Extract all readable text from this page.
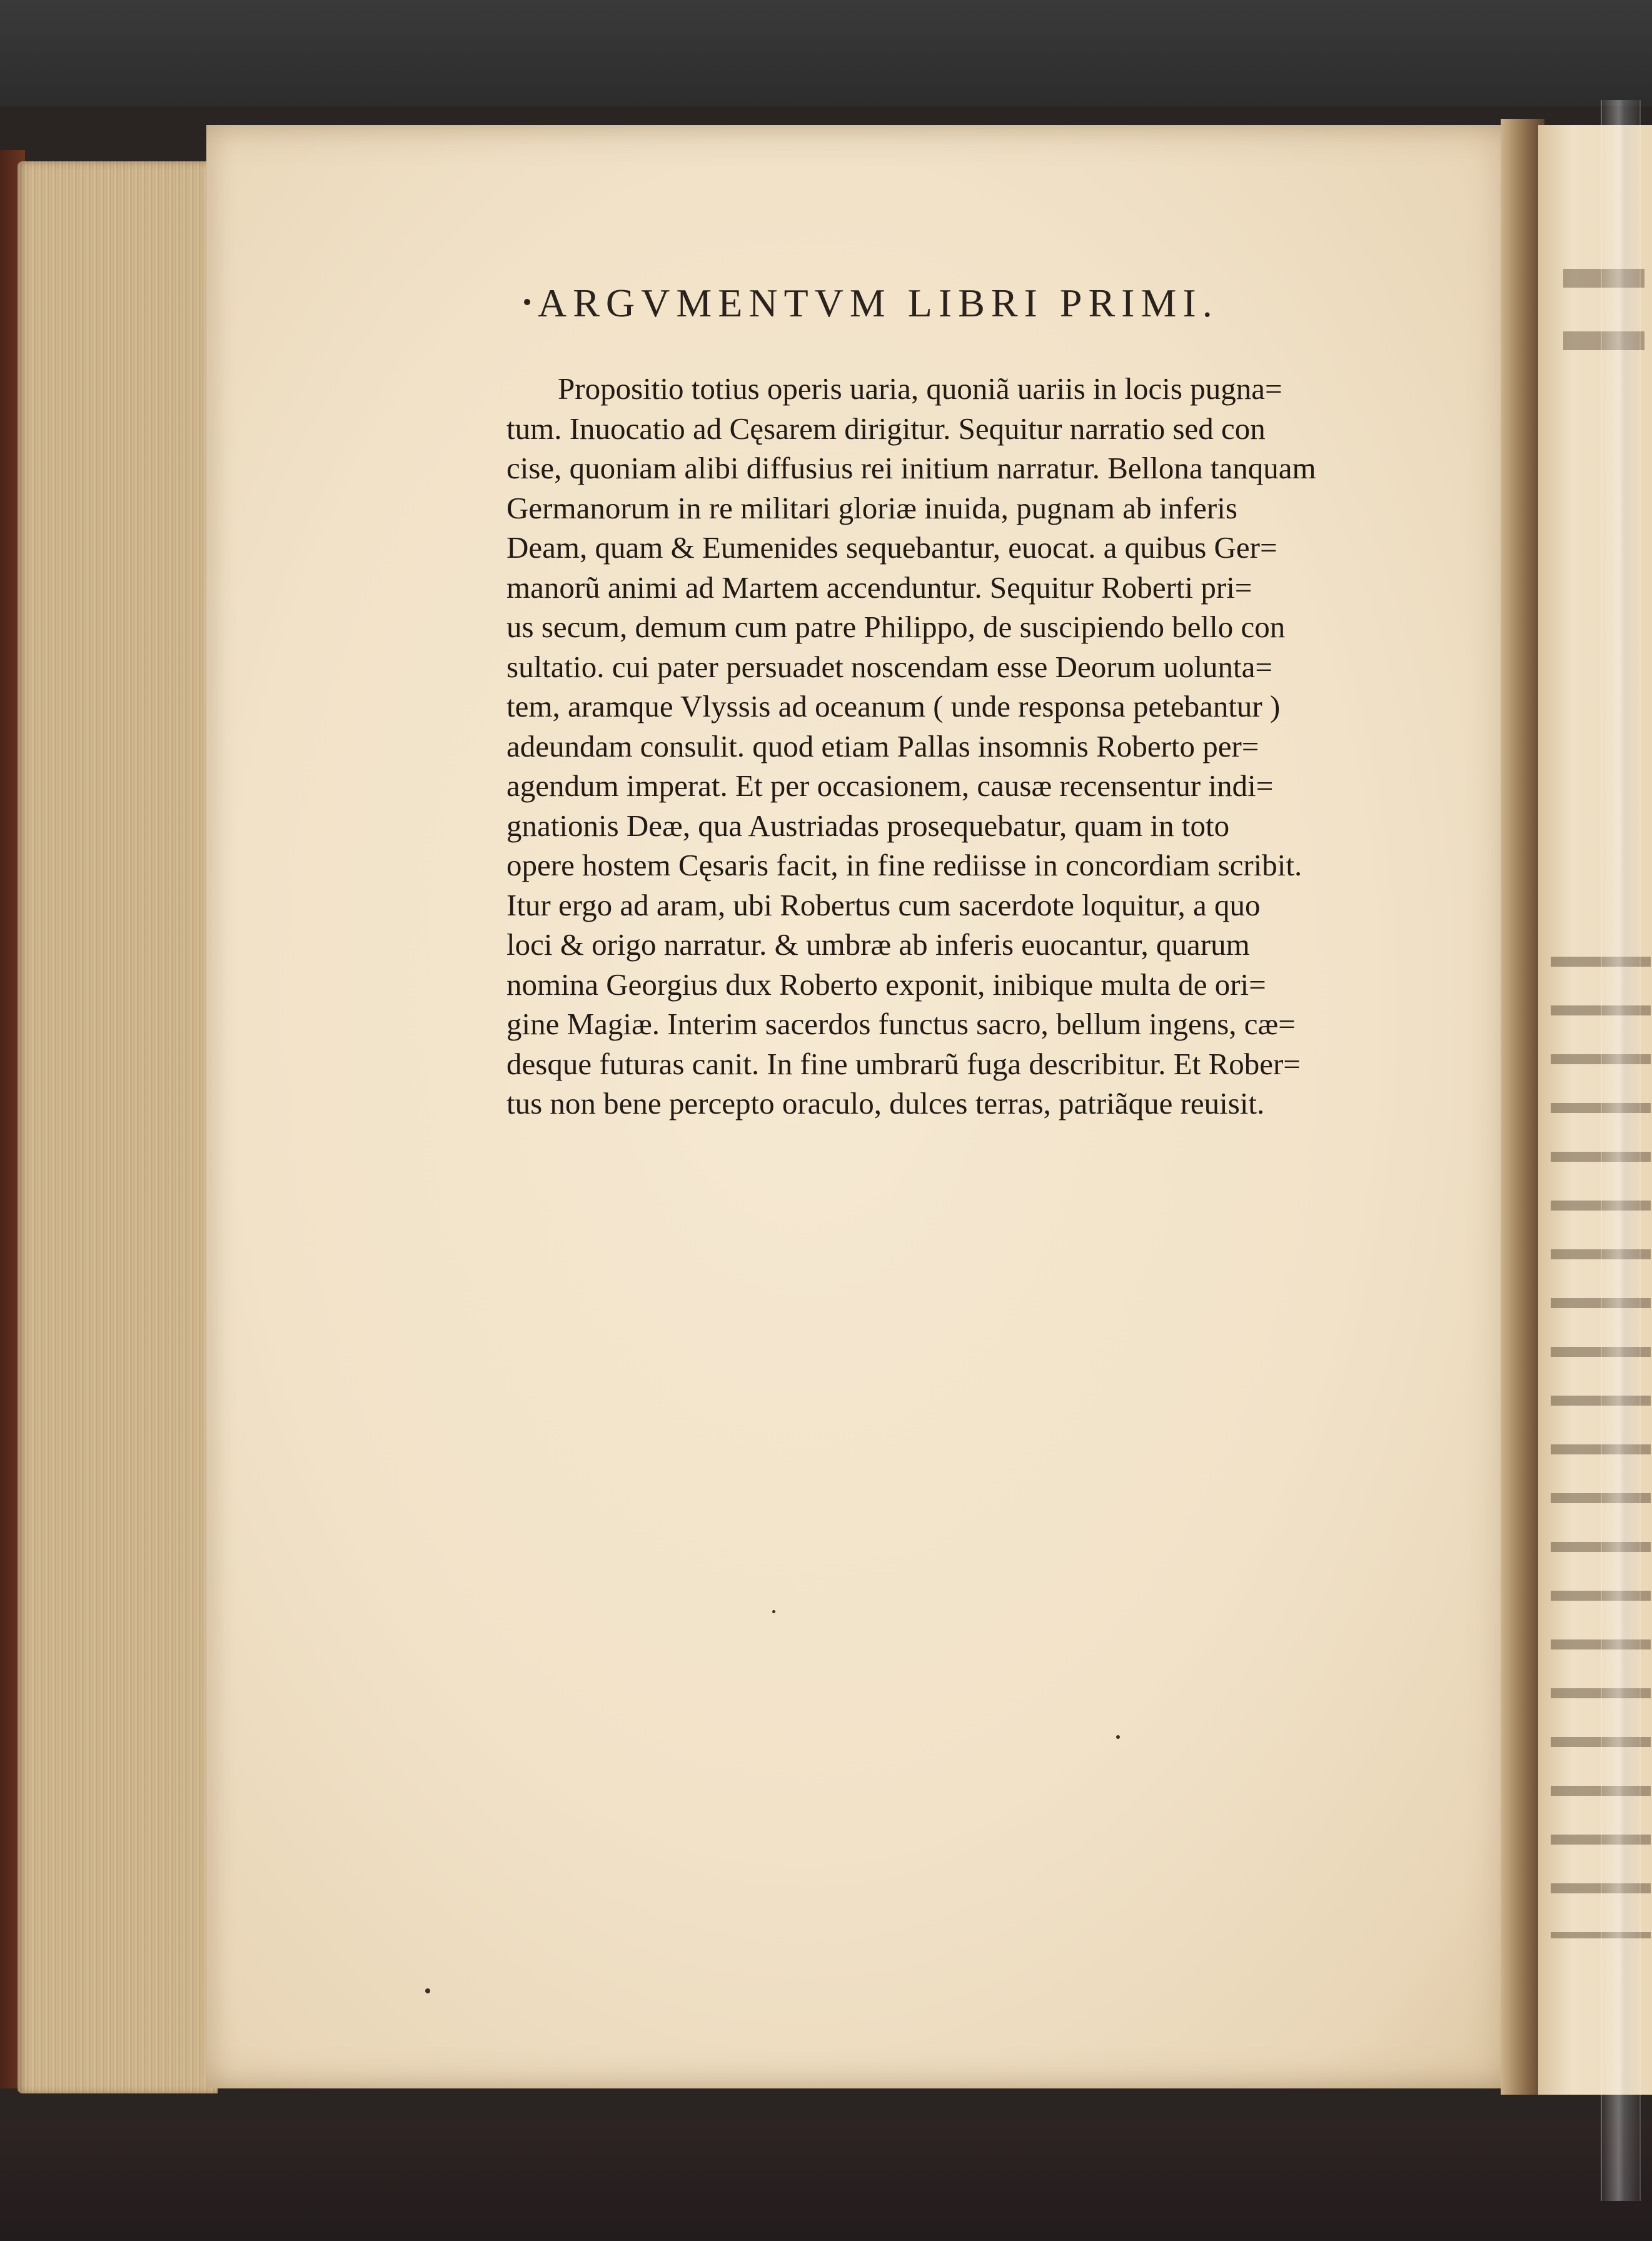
ARGVMENTVM LIBRI PRIMI.
Propositio totius operis uaria, quoniã uariis in locis pugna=
tum. Inuocatio ad Cęsarem dirigitur. Sequitur narratio sed con
cise, quoniam alibi diffusius rei initium narratur. Bellona tanquam
Germanorum in re militari gloriæ inuida, pugnam ab inferis
Deam, quam & Eumenides sequebantur, euocat. a quibus Ger=
manorũ animi ad Martem accenduntur. Sequitur Roberti pri=
us secum, demum cum patre Philippo, de suscipiendo bello con
sultatio. cui pater persuadet noscendam esse Deorum uolunta=
tem, aramque Vlyssis ad oceanum ( unde responsa petebantur )
adeundam consulit. quod etiam Pallas insomnis Roberto per=
agendum imperat. Et per occasionem, causæ recensentur indi=
gnationis Deæ, qua Austriadas prosequebatur, quam in toto
opere hostem Cęsaris facit, in fine rediisse in concordiam scribit.
Itur ergo ad aram, ubi Robertus cum sacerdote loquitur, a quo
loci & origo narratur. & umbræ ab inferis euocantur, quarum
nomina Georgius dux Roberto exponit, inibique multa de ori=
gine Magiæ. Interim sacerdos functus sacro, bellum ingens, cæ=
desque futuras canit. In fine umbrarũ fuga describitur. Et Rober=
tus non bene percepto oraculo, dulces terras, patriãque reuisit.
